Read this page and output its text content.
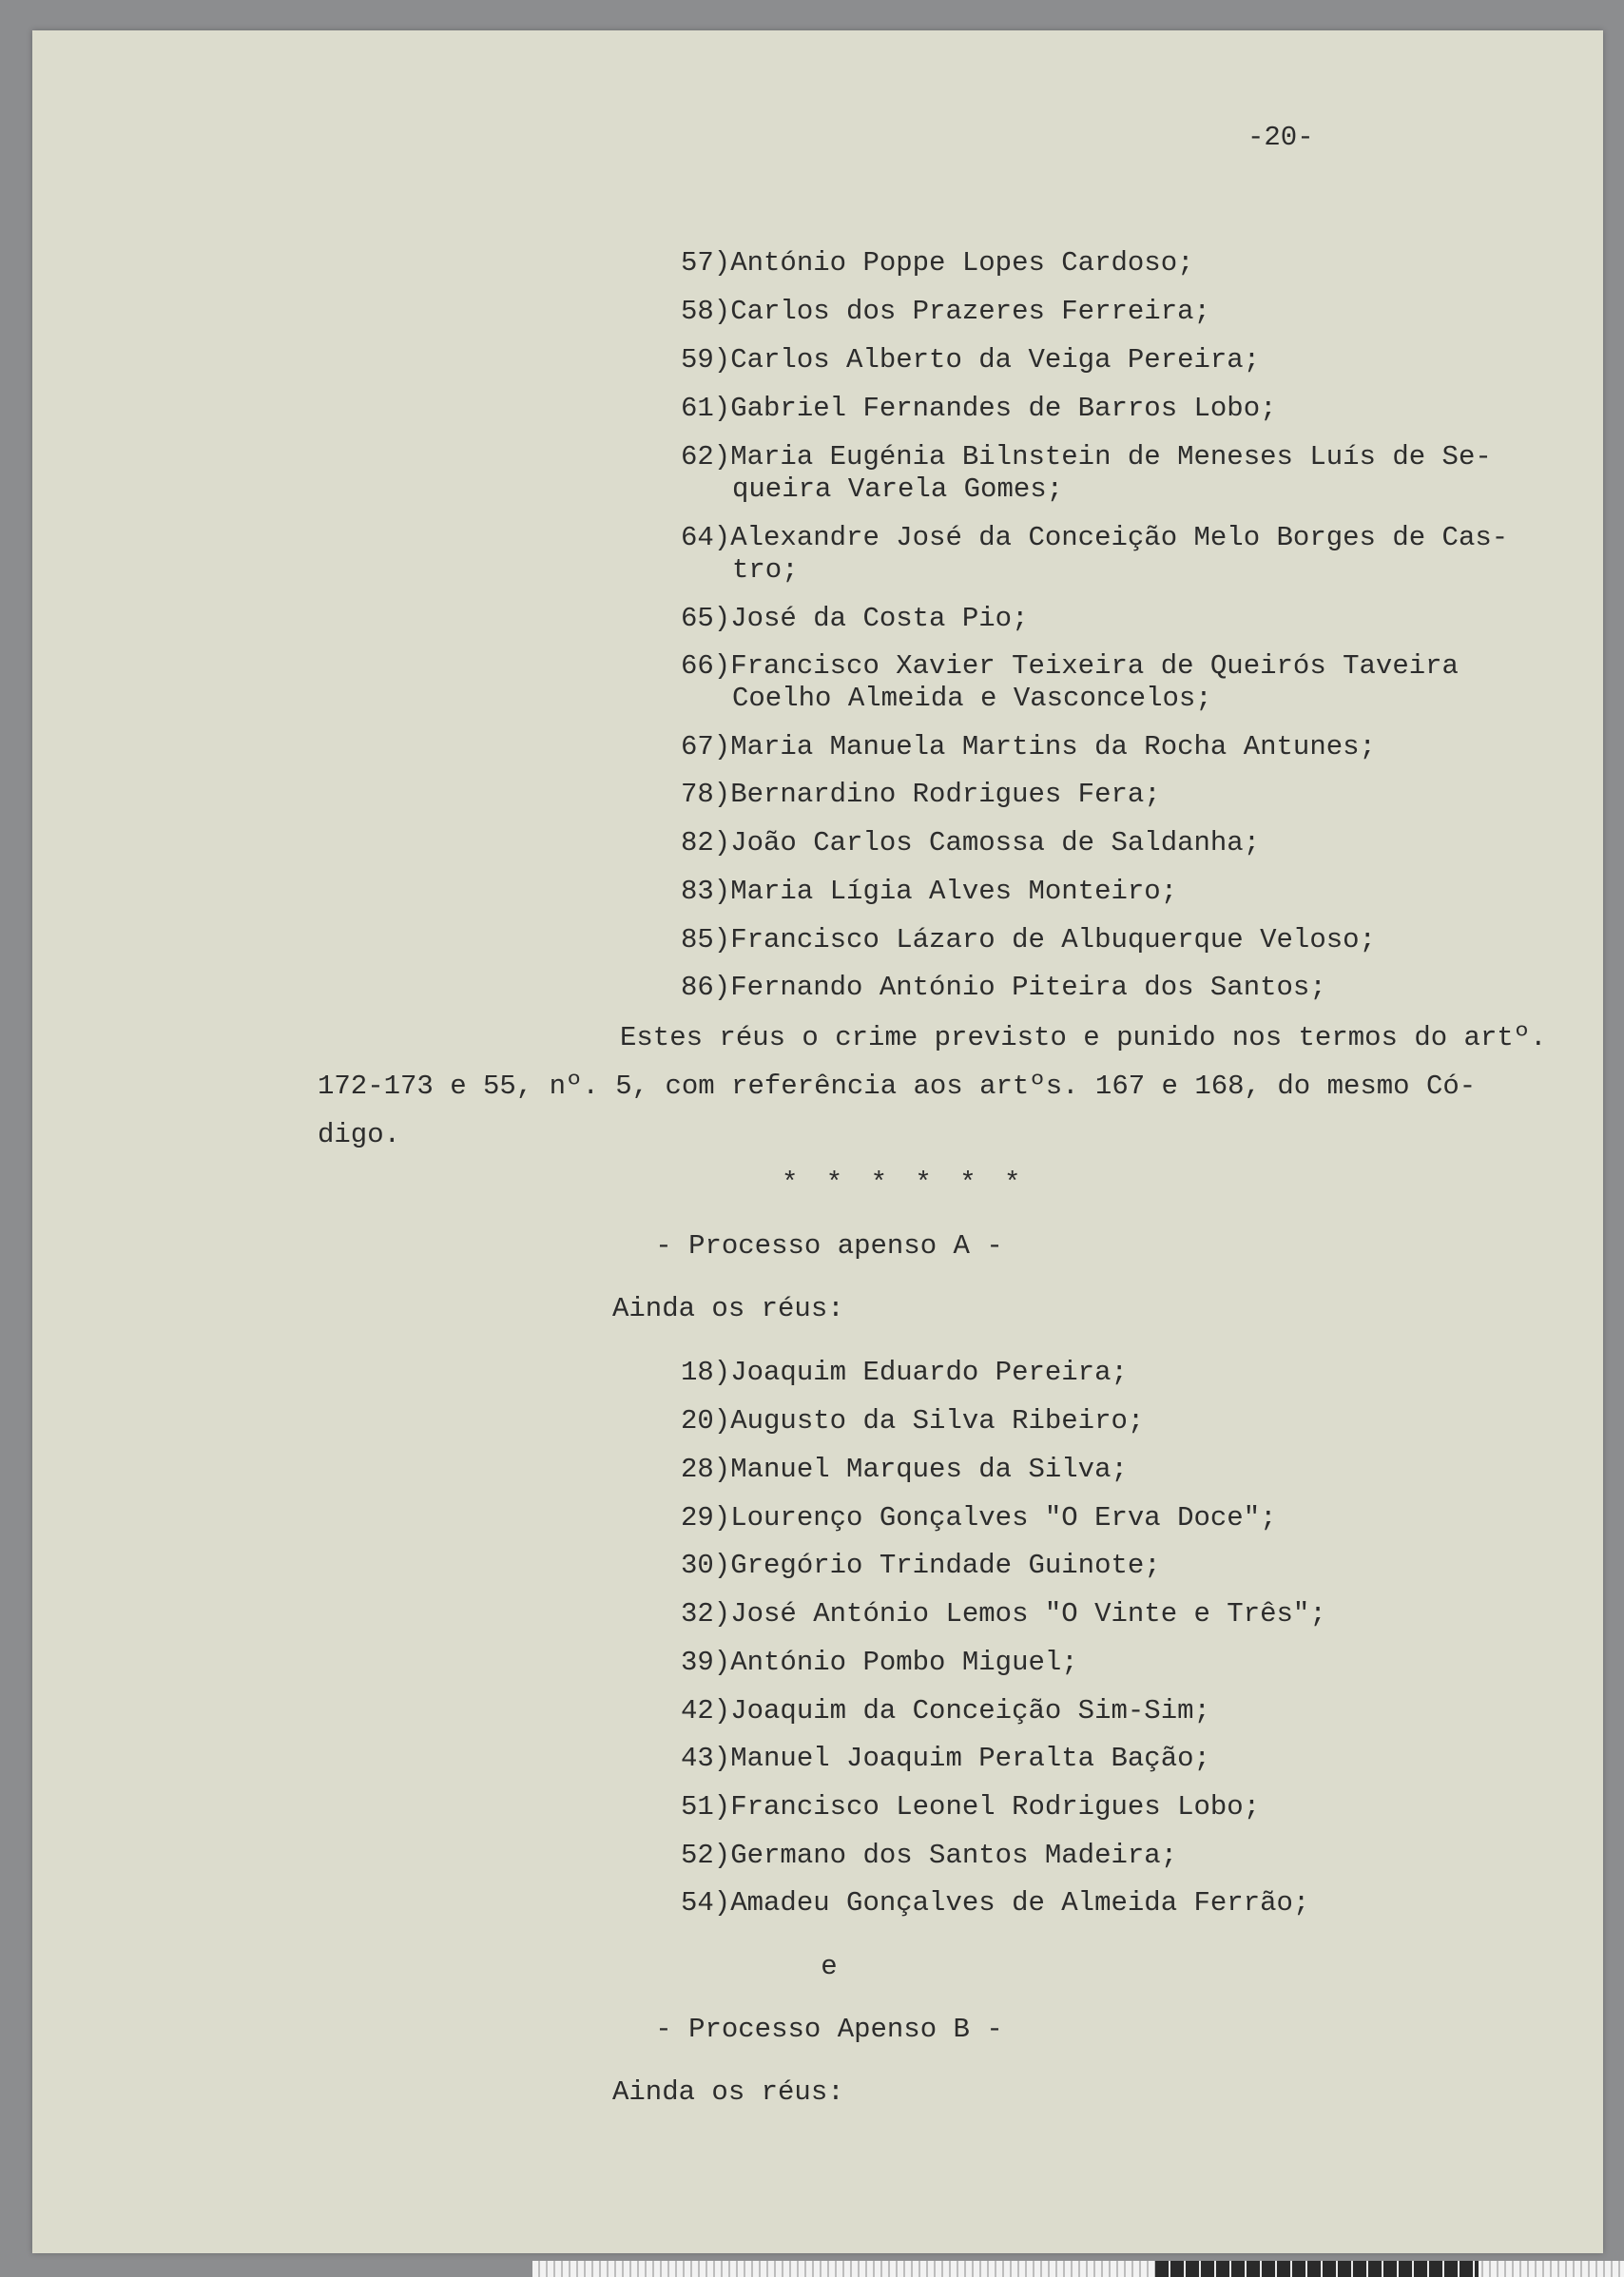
-20-
57)António Poppe Lopes Cardoso;
58)Carlos dos Prazeres Ferreira;
59)Carlos Alberto da Veiga Pereira;
61)Gabriel Fernandes de Barros Lobo;
62)Maria Eugénia Bilnstein de Meneses Luís de Se-
queira Varela Gomes;
64)Alexandre José da Conceição Melo Borges de Cas-
tro;
65)José da Costa Pio;
66)Francisco Xavier Teixeira de Queirós Taveira
Coelho Almeida e Vasconcelos;
67)Maria Manuela Martins da Rocha Antunes;
78)Bernardino Rodrigues Fera;
82)João Carlos Camossa de Saldanha;
83)Maria Lígia Alves Monteiro;
85)Francisco Lázaro de Albuquerque Veloso;
86)Fernando António Piteira dos Santos;
Estes réus o crime previsto e punido nos termos do artº.
172-173 e 55, nº. 5, com referência aos artºs. 167 e 168, do mesmo Có-
digo.
* * * * * *
- Processo apenso A -
Ainda os réus:
18)Joaquim Eduardo Pereira;
20)Augusto da Silva Ribeiro;
28)Manuel Marques da Silva;
29)Lourenço Gonçalves "O Erva Doce";
30)Gregório Trindade Guinote;
32)José António Lemos "O Vinte e Três";
39)António Pombo Miguel;
42)Joaquim da Conceição Sim-Sim;
43)Manuel Joaquim Peralta Bação;
51)Francisco Leonel Rodrigues Lobo;
52)Germano dos Santos Madeira;
54)Amadeu Gonçalves de Almeida Ferrão;
e
- Processo Apenso B -
Ainda os réus:
